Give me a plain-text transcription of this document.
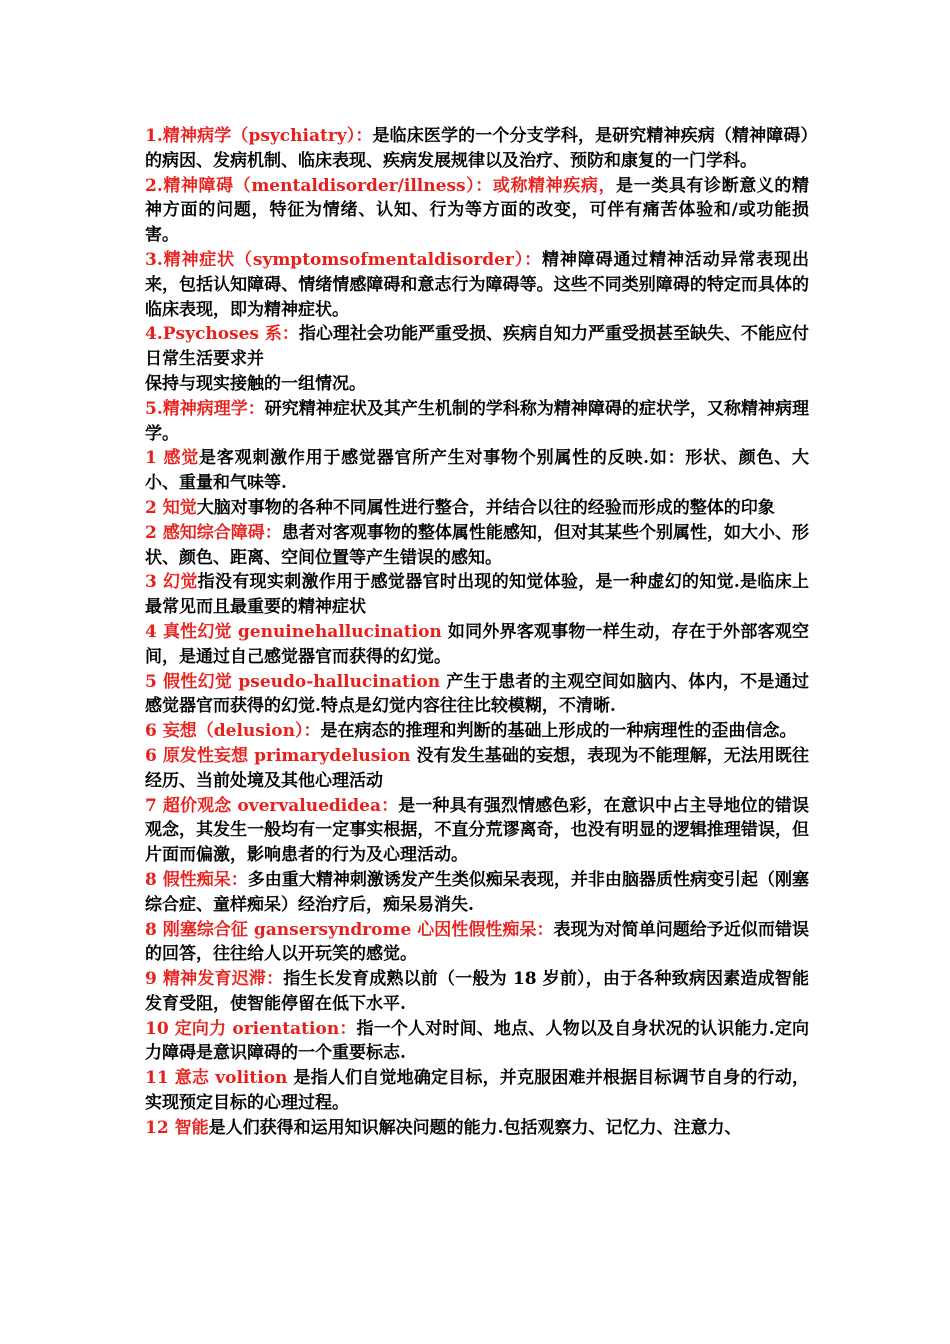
1.精神病学（psychiatry）：是临床医学的一个分支学科，是研究精神疾病（精神障碍）的病因、发病机制、临床表现、疾病发展规律以及治疗、预防和康复的一门学科。

2.精神障碍（mentaldisorder/illness）：或称精神疾病，是一类具有诊断意义的精神方面的问题，特征为情绪、认知、行为等方面的改变，可伴有痛苦体验和/或功能损害。

3.精神症状（symptomsofmentaldisorder）：精神障碍通过精神活动异常表现出来，包括认知障碍、情绪情感障碍和意志行为障碍等。这些不同类别障碍的特定而具体的临床表现，即为精神症状。

4.Psychoses 系：指心理社会功能严重受损、疾病自知力严重受损甚至缺失、不能应付日常生活要求并
保持与现实接触的一组情况。

5.精神病理学：研究精神症状及其产生机制的学科称为精神障碍的症状学，又称精神病理学。

1 感觉是客观刺激作用于感觉器官所产生对事物个别属性的反映.如：形状、颜色、大小、重量和气味等.

2 知觉大脑对事物的各种不同属性进行整合，并结合以往的经验而形成的整体的印象

2 感知综合障碍：患者对客观事物的整体属性能感知，但对其某些个别属性，如大小、形状、颜色、距离、空间位置等产生错误的感知。

3 幻觉指没有现实刺激作用于感觉器官时出现的知觉体验，是一种虚幻的知觉.是临床上最常见而且最重要的精神症状

4 真性幻觉 genuinehallucination 如同外界客观事物一样生动，存在于外部客观空间，是通过自己感觉器官而获得的幻觉。

5 假性幻觉 pseudo-hallucination 产生于患者的主观空间如脑内、体内，不是通过感觉器官而获得的幻觉.特点是幻觉内容往往比较模糊，不清晰.

6 妄想（delusion）：是在病态的推理和判断的基础上形成的一种病理性的歪曲信念。

6 原发性妄想 primarydelusion 没有发生基础的妄想，表现为不能理解，无法用既往经历、当前处境及其他心理活动

7 超价观念 overvaluedidea：是一种具有强烈情感色彩，在意识中占主导地位的错误观念，其发生一般均有一定事实根据，不直分荒谬离奇，也没有明显的逻辑推理错误，但片面而偏激，影响患者的行为及心理活动。

8 假性痴呆：多由重大精神刺激诱发产生类似痴呆表现，并非由脑器质性病变引起（刚塞综合症、童样痴呆）经治疗后，痴呆易消失.

8 刚塞综合征 gansersyndrome 心因性假性痴呆：表现为对简单问题给予近似而错误的回答，往往给人以开玩笑的感觉。

9 精神发育迟滞：指生长发育成熟以前（一般为 18 岁前），由于各种致病因素造成智能发育受阻，使智能停留在低下水平.

10 定向力 orientation：指一个人对时间、地点、人物以及自身状况的认识能力.定向力障碍是意识障碍的一个重要标志.

11 意志 volition 是指人们自觉地确定目标，并克服困难并根据目标调节自身的行动，实现预定目标的心理过程。

12 智能是人们获得和运用知识解决问题的能力.包括观察力、记忆力、注意力、
